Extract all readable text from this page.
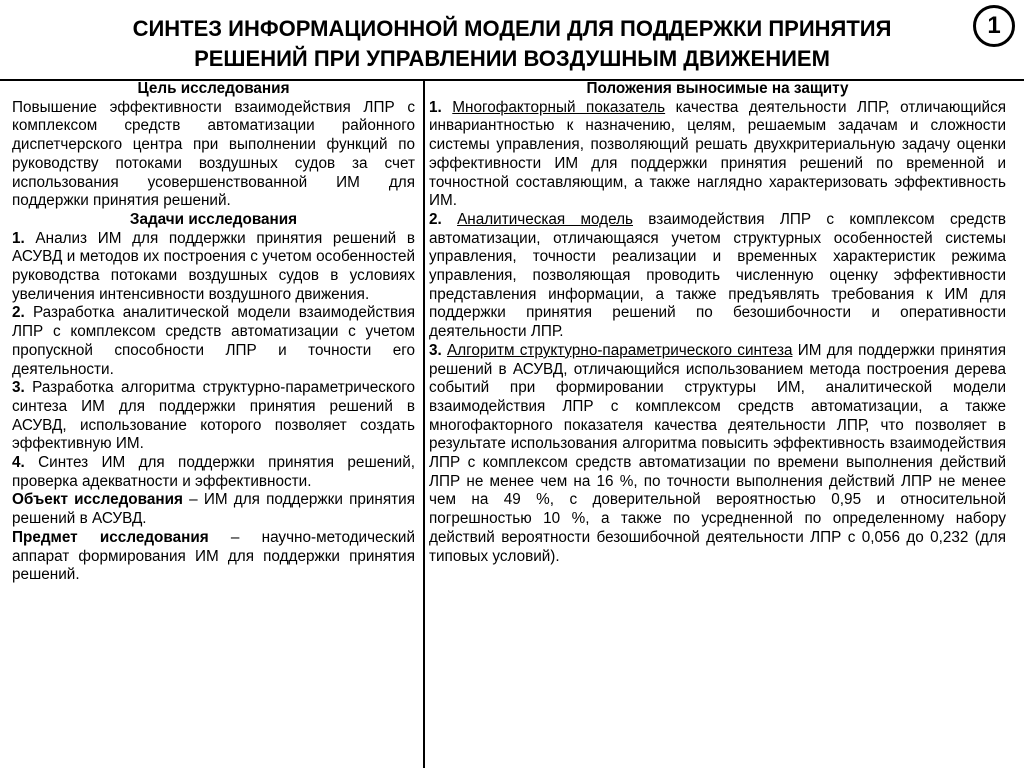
СИНТЕЗ ИНФОРМАЦИОННОЙ МОДЕЛИ ДЛЯ ПОДДЕРЖКИ ПРИНЯТИЯ
РЕШЕНИЙ ПРИ УПРАВЛЕНИИ ВОЗДУШНЫМ ДВИЖЕНИЕМ
1
Цель исследования
Повышение эффективности взаимодействия ЛПР с комплексом средств автоматизации районного диспетчерского центра при выполнении функций по руководству потоками воздушных судов за счет использования усовершенствованной ИМ для поддержки принятия решений.
Задачи исследования
1. Анализ ИМ для поддержки принятия решений в АСУВД и методов их построения с учетом особенностей руководства потоками воздушных судов в условиях увеличения интенсивности воздушного движения.
2. Разработка аналитической модели взаимодействия ЛПР с комплексом средств автоматизации с учетом пропускной способности ЛПР и точности его деятельности.
3. Разработка алгоритма структурно-параметрического синтеза ИМ для поддержки принятия решений в АСУВД, использование которого позволяет создать эффективную ИМ.
4. Синтез ИМ для поддержки принятия решений, проверка адекватности и эффективности.
Объект исследования – ИМ для поддержки принятия решений в АСУВД.
Предмет исследования – научно-методический аппарат формирования ИМ для поддержки принятия решений.
Положения выносимые на защиту
1. Многофакторный показатель качества деятельности ЛПР, отличающийся инвариантностью к назначению, целям, решаемым задачам и сложности системы управления, позволяющий решать двухкритериальную задачу оценки эффективности ИМ для поддержки принятия решений по временной и точностной составляющим, а также наглядно характеризовать эффективность ИМ.
2. Аналитическая модель взаимодействия ЛПР с комплексом средств автоматизации, отличающаяся учетом структурных особенностей системы управления, точности реализации и временных характеристик режима управления, позволяющая проводить численную оценку эффективности представления информации, а также предъявлять требования к ИМ для поддержки принятия решений по безошибочности и оперативности деятельности ЛПР.
3. Алгоритм структурно-параметрического синтеза ИМ для поддержки принятия решений в АСУВД, отличающийся использованием метода построения дерева событий при формировании структуры ИМ, аналитической модели взаимодействия ЛПР с комплексом средств автоматизации, а также многофакторного показателя качества деятельности ЛПР, что позволяет в результате использования алгоритма повысить эффективность взаимодействия ЛПР с комплексом средств автоматизации по времени выполнения действий ЛПР не менее чем на 16 %, по точности выполнения действий ЛПР не менее чем на 49 %, с доверительной вероятностью 0,95 и относительной погрешностью 10 %, а также по усредненной по определенному набору действий вероятности безошибочной деятельности ЛПР с 0,056 до 0,232 (для типовых условий).
